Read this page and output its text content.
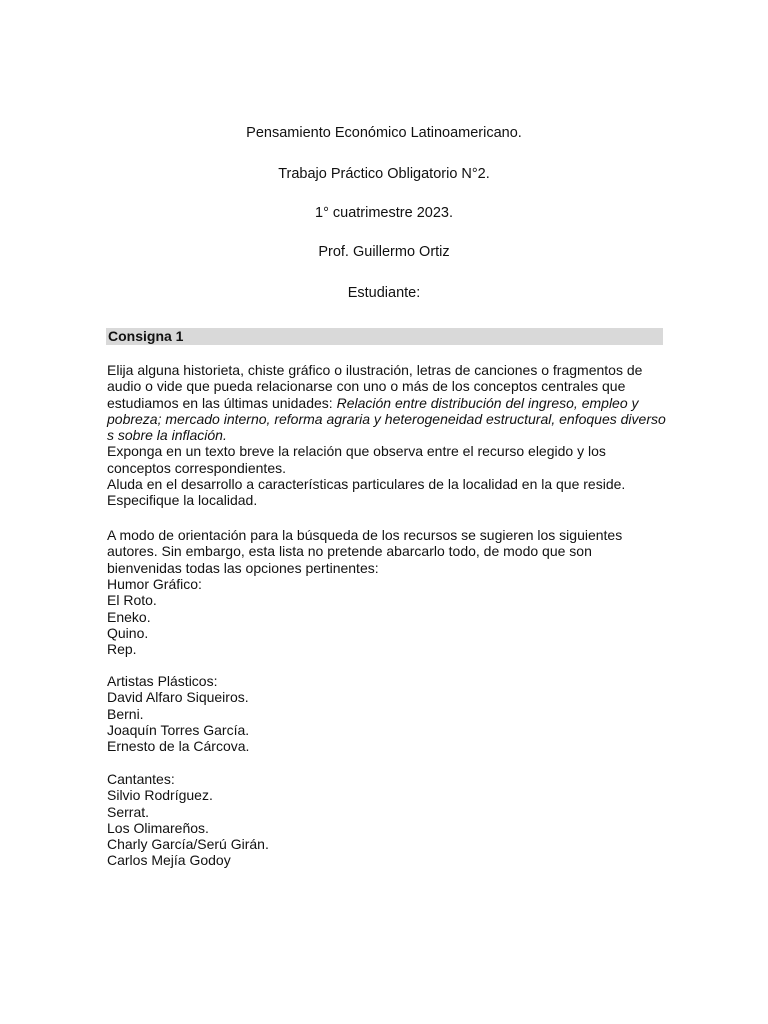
Pensamiento Económico Latinoamericano.
Trabajo Práctico Obligatorio N°2.
1° cuatrimestre 2023.
Prof. Guillermo Ortiz
Estudiante:
Consigna 1

Elija alguna historieta, chiste gráfico o ilustración, letras de canciones o fragmentos de audio o vide que pueda relacionarse con uno o más de los conceptos centrales que estudiamos en las últimas unidades: Relación entre distribución del ingreso, empleo y pobreza; mercado interno, reforma agraria y heterogeneidad estructural, enfoques diverso s sobre la inflación.

Exponga en un texto breve la relación que observa entre el recurso elegido y los conceptos correspondientes.

Aluda en el desarrollo a características particulares de la localidad en la que reside. Especifique la localidad.

A modo de orientación para la búsqueda de los recursos se sugieren los siguientes autores. Sin embargo, esta lista no pretende abarcarlo todo, de modo que son bienvenidas todas las opciones pertinentes:
Humor Gráfico:
El Roto.
Eneko.
Quino.
Rep.
Artistas Plásticos:
David Alfaro Siqueiros.
Berni.
Joaquín Torres García.
Ernesto de la Cárcova.
Cantantes:
Silvio Rodríguez.
Serrat.
Los Olimareños.
Charly García/Serú Girán.
Carlos Mejía Godoy
